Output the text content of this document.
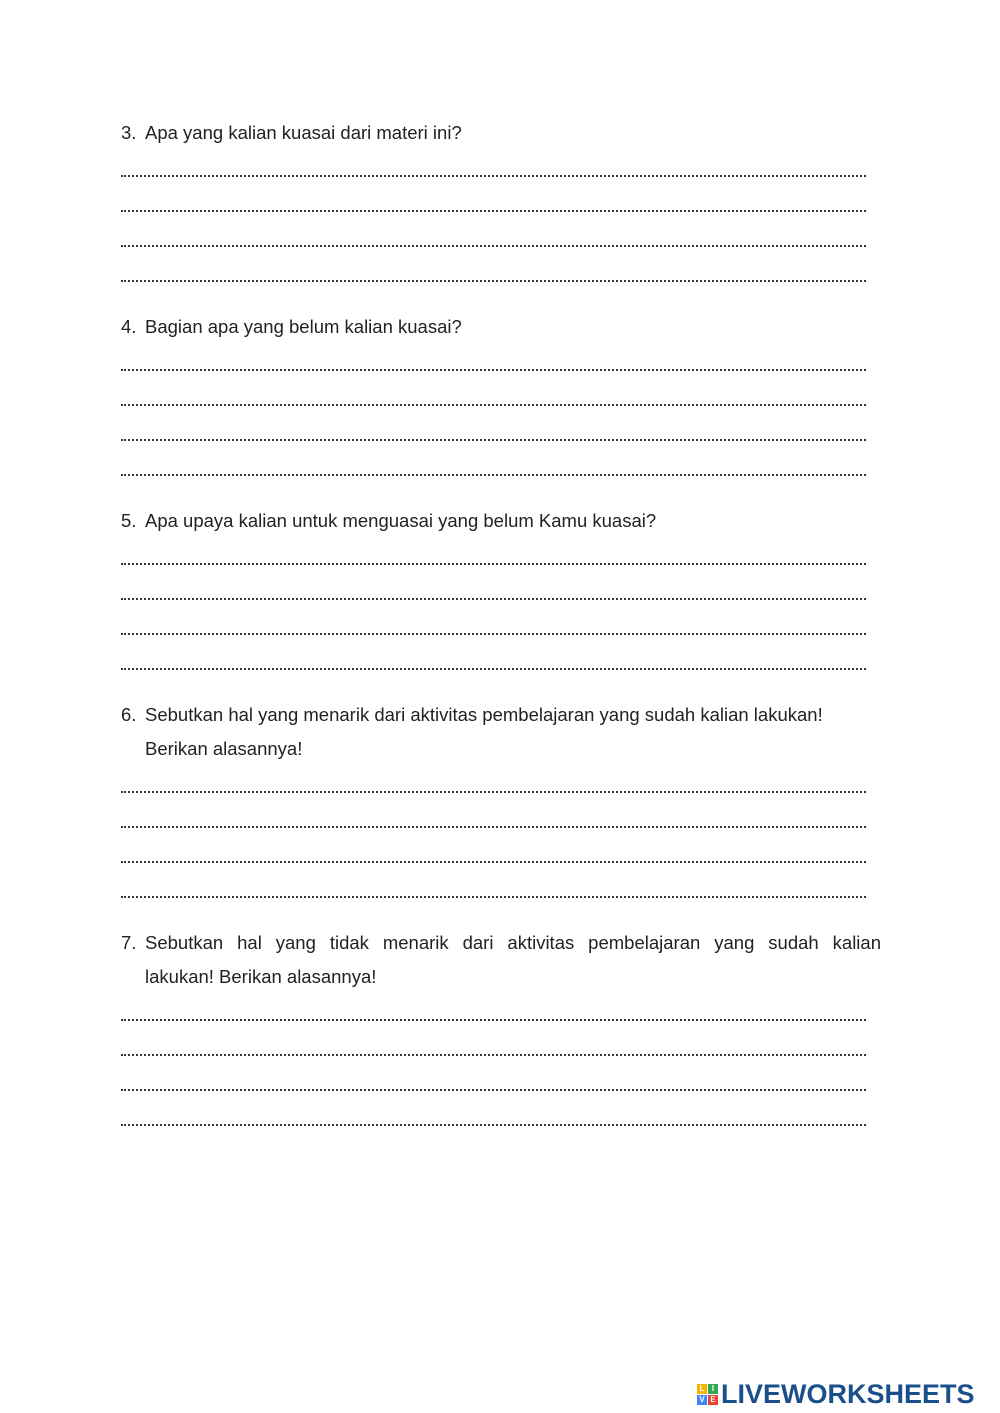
3. Apa yang kalian kuasai dari materi ini?

4. Bagian apa yang belum kalian kuasai?

5. Apa upaya kalian untuk menguasai yang belum Kamu kuasai?

6. Sebutkan hal yang menarik dari aktivitas pembelajaran yang sudah kalian lakukan!
Berikan alasannya!

7. Sebutkan hal yang tidak menarik dari aktivitas pembelajaran yang sudah kalian
lakukan! Berikan alasannya!

L I
V E LIVEWORKSHEETS
